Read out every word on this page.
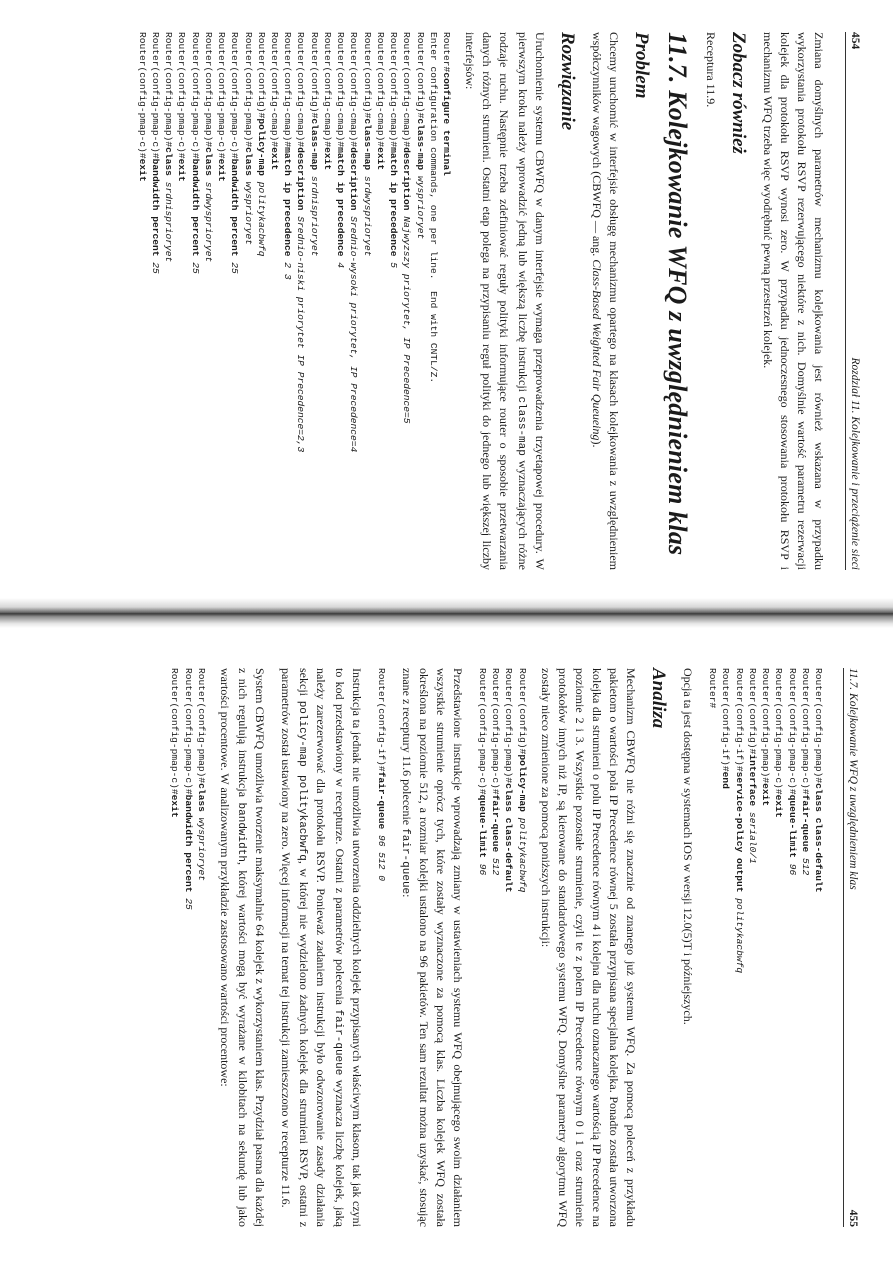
454
Rozdział 11. Kolejkowanie i przeciążenie sieci

Zmiana domyślnych parametrów mechanizmu kolejkowania jest również wskazana w przypadku wykorzystania protokołu RSVP rezerwującego niektóre z nich. Domyślnie wartość parametru rezerwacji kolejek dla protokołu RSVP wynosi zero. W przypadku jednoczesnego stosowania protokołu RSVP i mechanizmu WFQ trzeba więc wyodrębnić pewną przestrzeń kolejek.

Zobacz również

Receptura 11.9.

11.7. Kolejkowanie WFQ z uwzględnieniem klas
Problem

Chcemy uruchomić w interfejsie obsługę mechanizmu opartego na klasach kolejkowania z uwzględnieniem współczynników wagowych (CBWFQ — ang. Class-Based Weighted Fair Queueing).

Rozwiązanie

Uruchomienie systemu CBWFQ w danym interfejsie wymaga przeprowadzenia trzyetapowej procedury. W pierwszym kroku należy wprowadzić jedną lub większą liczbę instrukcji class-map wyznaczających różne rodzaje ruchu. Następnie trzeba zdefiniować reguły polityki informujące router o sposobie przetwarzania danych różnych strumieni. Ostatni etap polega na przypisaniu reguł polityki do jednego lub większej liczby interfejsów:

Router#configure terminal
Enter configuration commands, one per line.  End with CNTL/Z.
Router(config)#class-map wysprioryet
Router(config-cmap)#description Najwyzszy priorytet, IP Precedence=5
Router(config-cmap)#match ip precedence 5
Router(config-cmap)#exit
Router(config)#class-map srdwysprioryet
Router(config-cmap)#description Srednio-wysoki priorytet, IP Precedence=4
Router(config-cmap)#match ip precedence 4
Router(config-cmap)#exit
Router(config)#class-map srdnisprioryet
Router(config-cmap)#description Srednio-niski priorytet IP Precedence=2,3
Router(config-cmap)#match ip precedence 2 3
Router(config-cmap)#exit
Router(config)#policy-map politykacbwfq
Router(config-pmap)#class wysprioryet
Router(config-pmap-c)#bandwidth percent 25
Router(config-pmap-c)#exit
Router(config-pmap)#class srdwysprioryet
Router(config-pmap-c)#bandwidth percent 25
Router(config-pmap-c)#exit
Router(config-pmap)#class srdnisprioryet
Router(config-pmap-c)#bandwidth percent 25
Router(config-pmap-c)#exit
11.7. Kolejkowanie WFQ z uwzględnieniem klas
455
Router(config-pmap)#class class-default
Router(config-pmap-c)#fair-queue 512
Router(config-pmap-c)#queue-limit 96
Router(config-pmap-c)#exit
Router(config-pmap)#exit
Router(config)#interface serial0/1
Router(config-if)#service-policy output politykacbwfq
Router(config-if)#end
Router#

Opcja ta jest dostępna w systemach IOS w wersji 12.0(5)T i późniejszych.

Analiza

Mechanizm CBWFQ nie różni się znacznie od znanego już systemu WFQ. Za pomocą poleceń z przykładu pakietom o wartości pola IP Precedence równej 5 została przypisana specjalna kolejka. Ponadto została utworzona kolejka dla strumieni o polu IP Precedence równym 4 i kolejna dla ruchu oznaczanego wartością IP Precedence na poziomie 2 i 3. Wszystkie pozostałe strumienie, czyli te z polem IP Precedence równym 0 i 1 oraz strumienie protokołów innych niż IP, są kierowane do standardowego systemu WFQ. Domyślne parametry algorytmu WFQ zostały nieco zmienione za pomocą poniższych instrukcji:

Router(config)#policy-map politykacbwfq
Router(config-pmap)#class class-default
Router(config-pmap-c)#fair-queue 512
Router(config-pmap-c)#queue-limit 96

Przedstawione instrukcje wprowadzają zmiany w ustawieniach systemu WFQ obejmującego swoim działaniem wszystkie strumienie oprócz tych, które zostały wyznaczone za pomocą klas. Liczba kolejek WFQ została określona na poziomie 512, a rozmiar kolejki ustalono na 96 pakietów. Ten sam rezultat można uzyskać, stosując znane z receptury 11.6 polecenie fair-queue:

Router(config-if)#fair-queue 96 512 0

Instrukcja ta jednak nie umożliwia utworzenia oddzielnych kolejek przypisanych właściwym klasom, tak jak czyni to kod przedstawiony w recepturze. Ostatni z parametrów polecenia fair-queue wyznacza liczbę kolejek, jaką należy zarezerwować dla protokołu RSVP. Ponieważ zadaniem instrukcji było odwzorowanie zasady działania sekcji policy-map politykacbwfq, w której nie wydzielono żadnych kolejek dla strumieni RSVP, ostatni z parametrów został ustawiony na zero. Więcej informacji na temat tej instrukcji zamieszczono w recepturze 11.6.

System CBWFQ umożliwia tworzenie maksymalnie 64 kolejek z wykorzystaniem klas. Przydział pasma dla każdej z nich regulują instrukcja bandwidth, której wartości mogą być wyrażane w kilobitach na sekundę lub jako wartości procentowe. W analizowanym przykładzie zastosowano wartości procentowe:

Router(config-pmap)#class wysprioryet
Router(config-pmap-c)#bandwidth percent 25
Router(config-pmap-c)#exit
